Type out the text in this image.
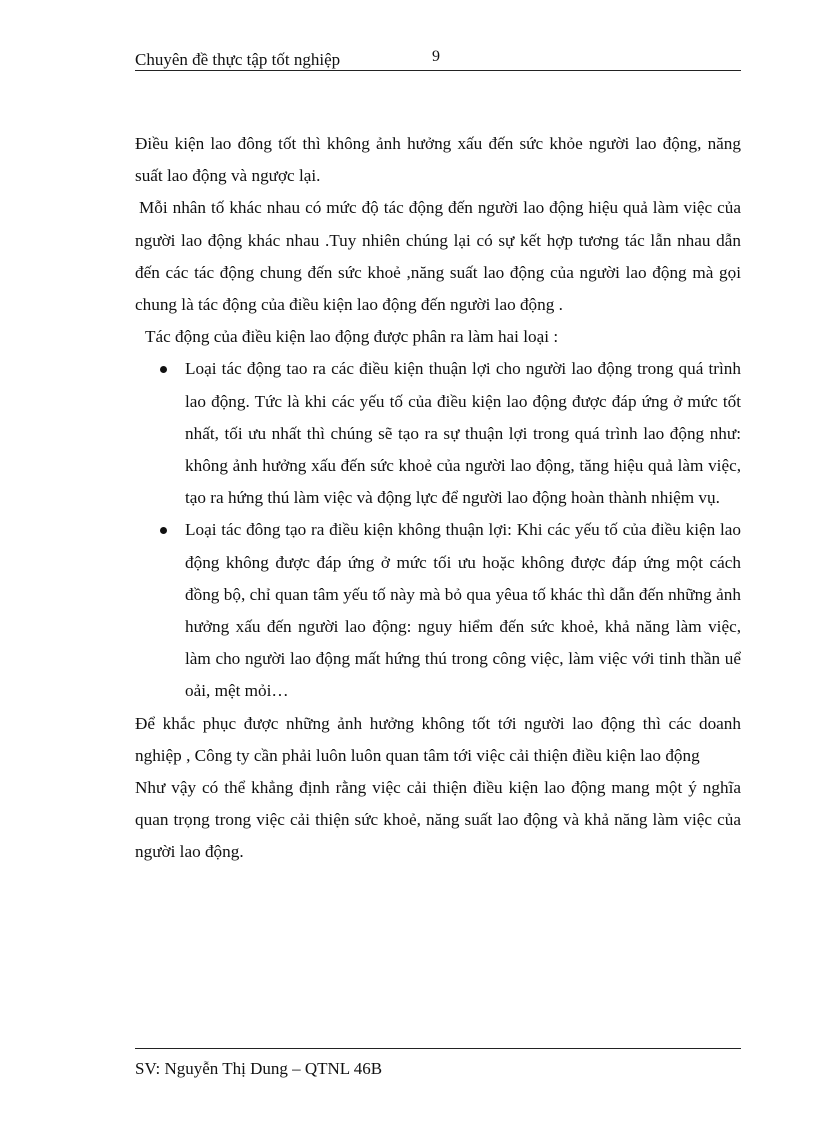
Chuyên đề thực tập tốt nghiệp	9

Điều kiện lao đông tốt thì không ảnh hưởng xấu đến sức khỏe người lao động, năng suất lao động và ngược lại.

Mỗi nhân tố khác nhau có mức độ tác động đến người lao động hiệu quả làm việc của người lao động khác nhau .Tuy nhiên chúng lại có sự kết hợp tương tác lẫn nhau dẫn đến các tác động chung đến sức khoẻ ,năng suất lao động của người lao động mà gọi chung là tác động của điều kiện lao động đến người lao động .

Tác động của điều kiện lao động được phân ra làm hai loại :

Loại tác động tao ra các điều kiện thuận lợi cho người lao động trong quá trình lao động. Tức là khi các yếu tố của điều kiện lao động được đáp ứng ở mức tốt nhất, tối ưu nhất thì chúng sẽ tạo ra sự thuận lợi trong quá trình lao động như: không ảnh hưởng xấu đến sức khoẻ của người lao động, tăng hiệu quả làm việc, tạo ra hứng thú làm việc và động lực để người lao động hoàn thành nhiệm vụ.
Loại tác đông tạo ra điều kiện không thuận lợi: Khi các yếu tố của điều kiện lao động không được đáp ứng ở mức tối ưu hoặc không được đáp ứng một cách đồng bộ, chỉ quan tâm yếu tố này mà bỏ qua yêua tố khác thì dẫn đến những ảnh hưởng xấu đến người lao động: nguy hiểm đến sức khoẻ, khả năng làm việc, làm cho người lao động mất hứng thú trong công việc, làm việc với tinh thần uể oải, mệt mỏi…

Để khắc phục được những ảnh hưởng không tốt tới người lao động thì các doanh nghiệp , Công ty cần phải luôn luôn quan tâm tới việc cải thiện điều kiện lao động

Như vậy có thể khẳng định rằng việc cải thiện điều kiện lao động mang một ý nghĩa quan trọng trong việc cải thiện sức khoẻ, năng suất lao động và khả năng làm việc của người lao động.

SV: Nguyễn Thị Dung – QTNL 46B
